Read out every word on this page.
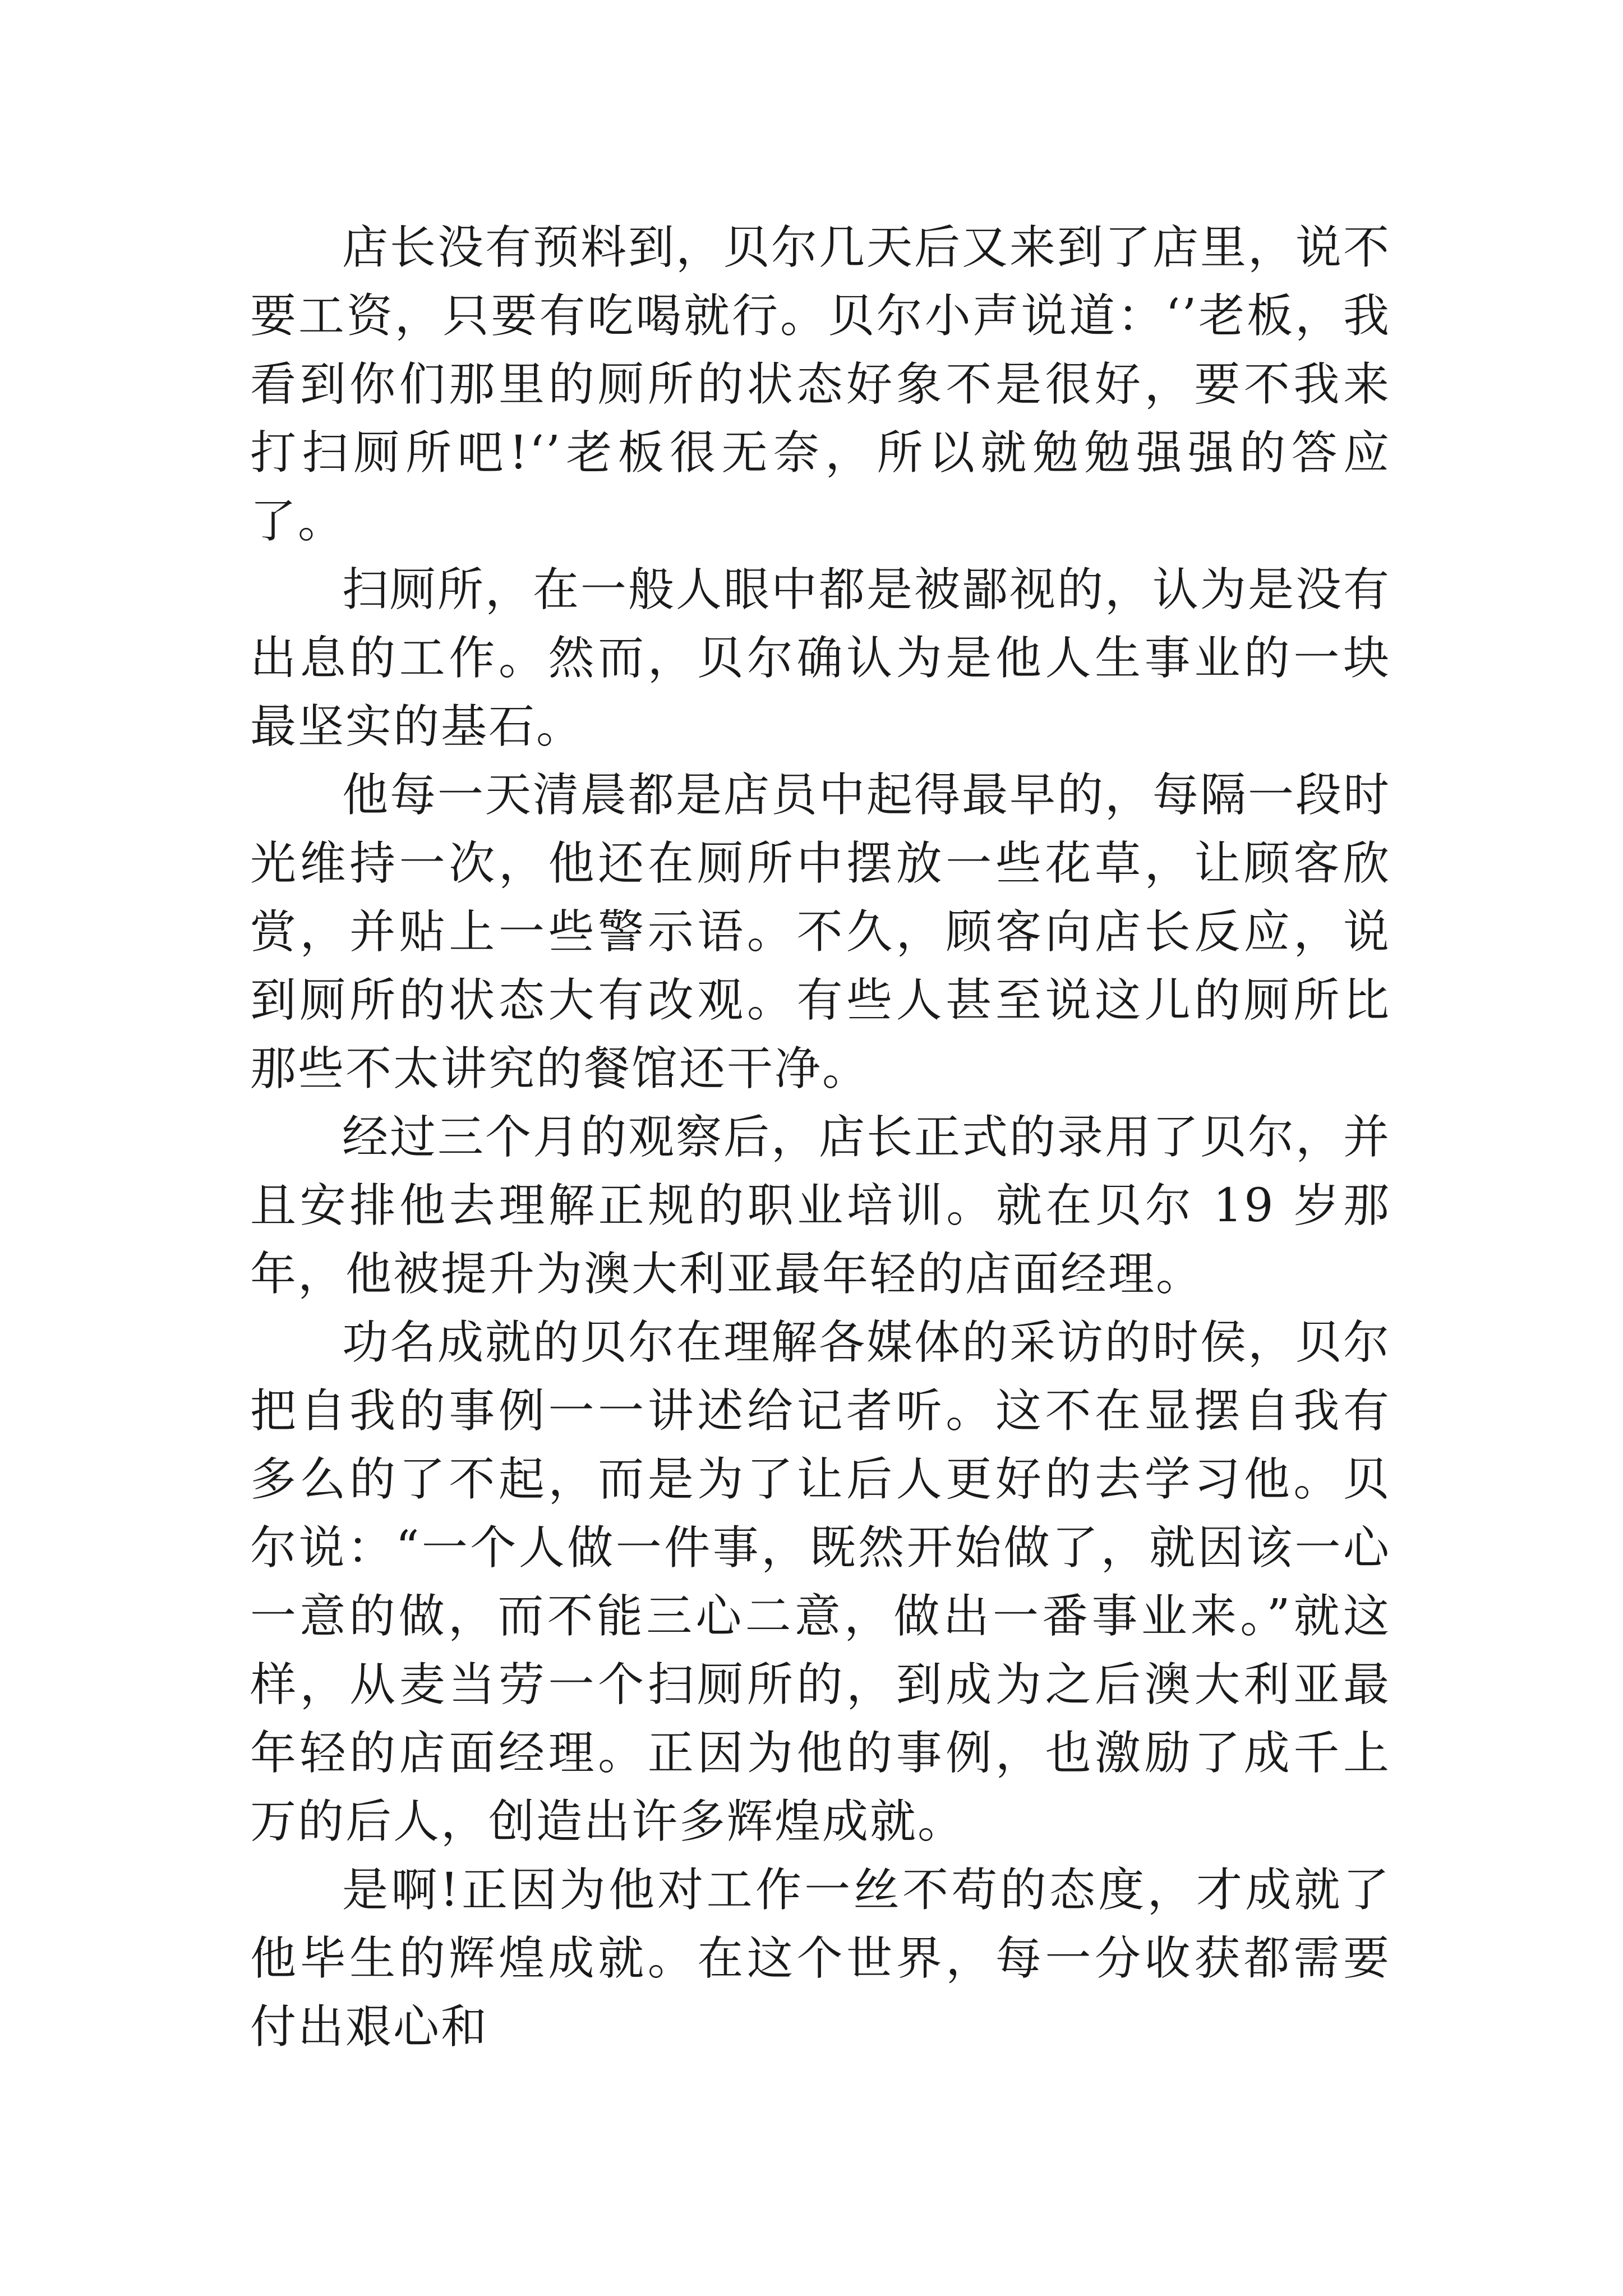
店长没有预料到，贝尔几天后又来到了店里，说不要工资，只要有吃喝就行。贝尔小声说道：‘’老板，我看到你们那里的厕所的状态好象不是很好，要不我来打扫厕所吧!‘’老板很无奈，所以就勉勉强强的答应了。

扫厕所，在一般人眼中都是被鄙视的，认为是没有出息的工作。然而，贝尔确认为是他人生事业的一块最坚实的基石。

他每一天清晨都是店员中起得最早的，每隔一段时光维持一次，他还在厕所中摆放一些花草，让顾客欣赏，并贴上一些警示语。不久，顾客向店长反应，说到厕所的状态大有改观。有些人甚至说这儿的厕所比那些不太讲究的餐馆还干净。

经过三个月的观察后，店长正式的录用了贝尔，并且安排他去理解正规的职业培训。就在贝尔 19 岁那年，他被提升为澳大利亚最年轻的店面经理。

功名成就的贝尔在理解各媒体的采访的时侯，贝尔把自我的事例一一讲述给记者听。这不在显摆自我有多么的了不起，而是为了让后人更好的去学习他。贝尔说：“一个人做一件事，既然开始做了，就因该一心一意的做，而不能三心二意，做出一番事业来。”就这样，从麦当劳一个扫厕所的，到成为之后澳大利亚最年轻的店面经理。正因为他的事例，也激励了成千上万的后人，创造出许多辉煌成就。

是啊!正因为他对工作一丝不苟的态度，才成就了他毕生的辉煌成就。在这个世界，每一分收获都需要付出艰心和
